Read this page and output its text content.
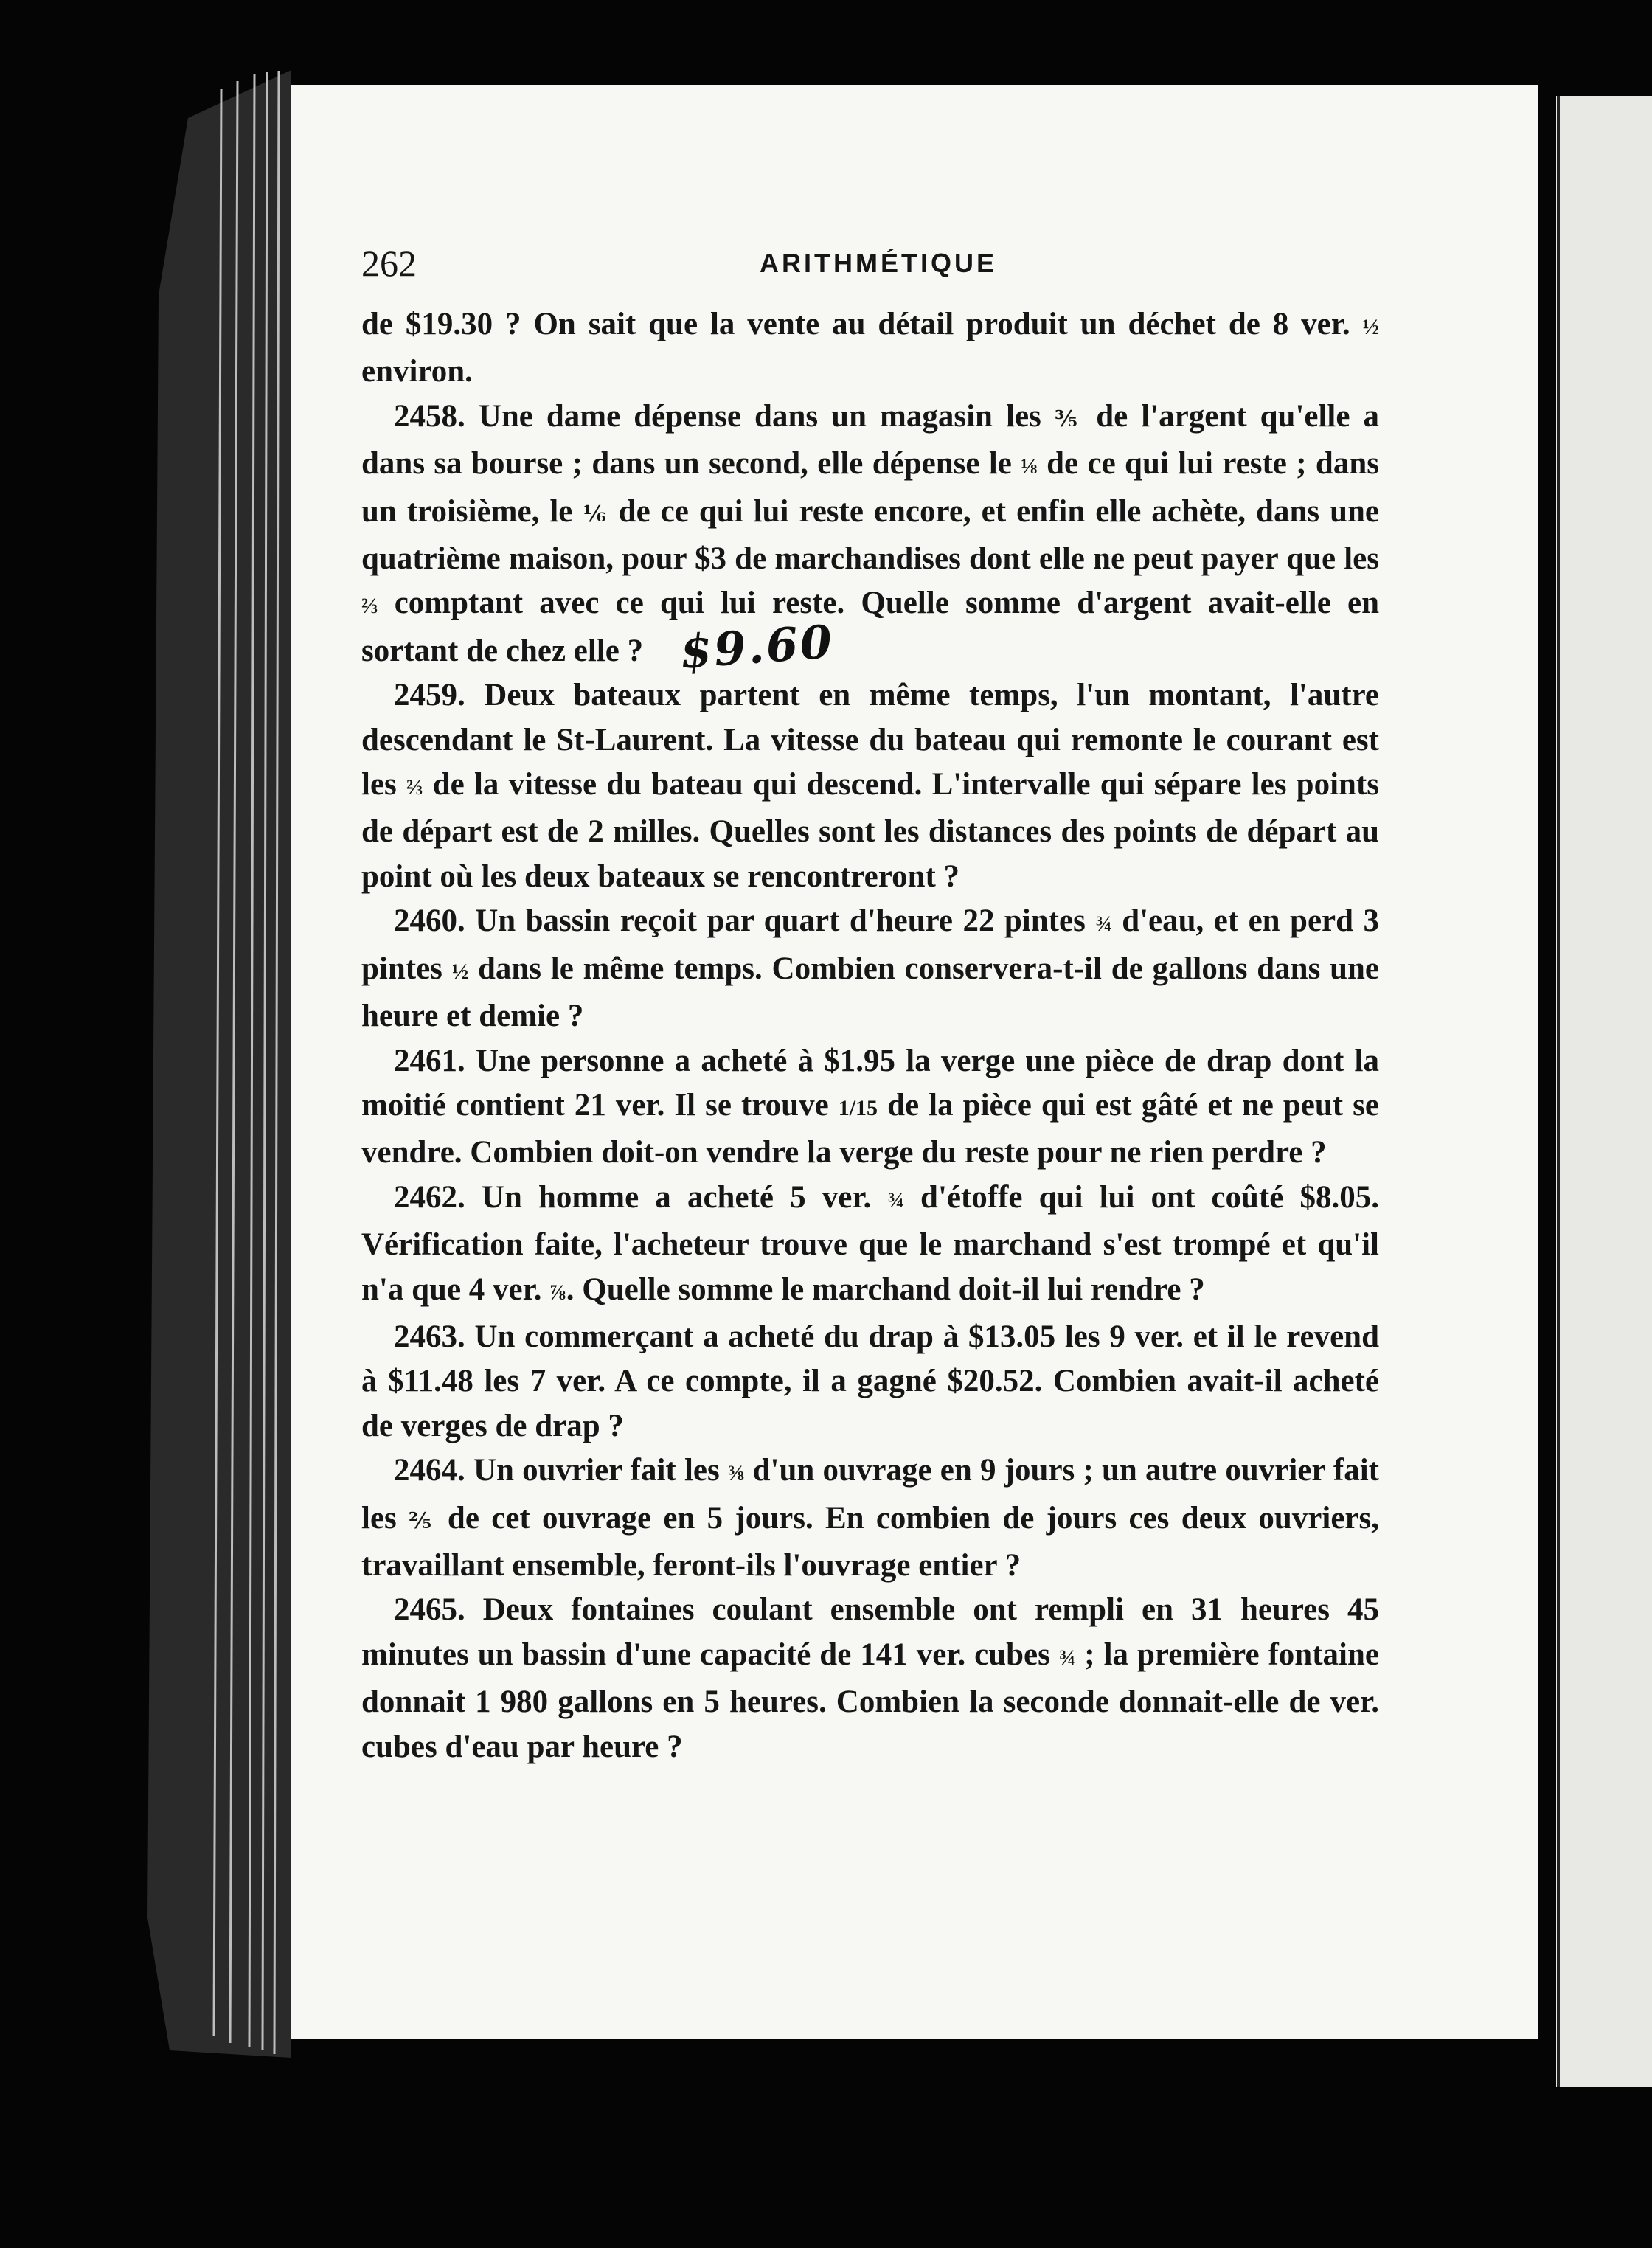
262	ARITHMÉTIQUE

de $19.30 ? On sait que la vente au détail produit un déchet de 8 ver. ½ environ.

2458. Une dame dépense dans un magasin les ⅗ de l'argent qu'elle a dans sa bourse ; dans un second, elle dépense le ⅛ de ce qui lui reste ; dans un troisième, le ⅙ de ce qui lui reste encore, et enfin elle achète, dans une quatrième maison, pour $3 de marchandises dont elle ne peut payer que les ⅔ comptant avec ce qui lui reste. Quelle somme d'argent avait-elle en sortant de chez elle ? $9.60

2459. Deux bateaux partent en même temps, l'un montant, l'autre descendant le St-Laurent. La vitesse du bateau qui remonte le courant est les ⅔ de la vitesse du bateau qui descend. L'intervalle qui sépare les points de départ est de 2 milles. Quelles sont les distances des points de départ au point où les deux bateaux se rencontreront ?

2460. Un bassin reçoit par quart d'heure 22 pintes ¾ d'eau, et en perd 3 pintes ½ dans le même temps. Combien conservera-t-il de gallons dans une heure et demie ?

2461. Une personne a acheté à $1.95 la verge une pièce de drap dont la moitié contient 21 ver. Il se trouve 1/15 de la pièce qui est gâté et ne peut se vendre. Combien doit-on vendre la verge du reste pour ne rien perdre ?

2462. Un homme a acheté 5 ver. ¾ d'étoffe qui lui ont coûté $8.05. Vérification faite, l'acheteur trouve que le marchand s'est trompé et qu'il n'a que 4 ver. ⅞. Quelle somme le marchand doit-il lui rendre ?

2463. Un commerçant a acheté du drap à $13.05 les 9 ver. et il le revend à $11.48 les 7 ver. A ce compte, il a gagné $20.52. Combien avait-il acheté de verges de drap ?

2464. Un ouvrier fait les ⅜ d'un ouvrage en 9 jours ; un autre ouvrier fait les ⅖ de cet ouvrage en 5 jours. En combien de jours ces deux ouvriers, travaillant ensemble, feront-ils l'ouvrage entier ?

2465. Deux fontaines coulant ensemble ont rempli en 31 heures 45 minutes un bassin d'une capacité de 141 ver. cubes ¾ ; la première fontaine donnait 1 980 gallons en 5 heures. Combien la seconde donnait-elle de ver. cubes d'eau par heure ?
